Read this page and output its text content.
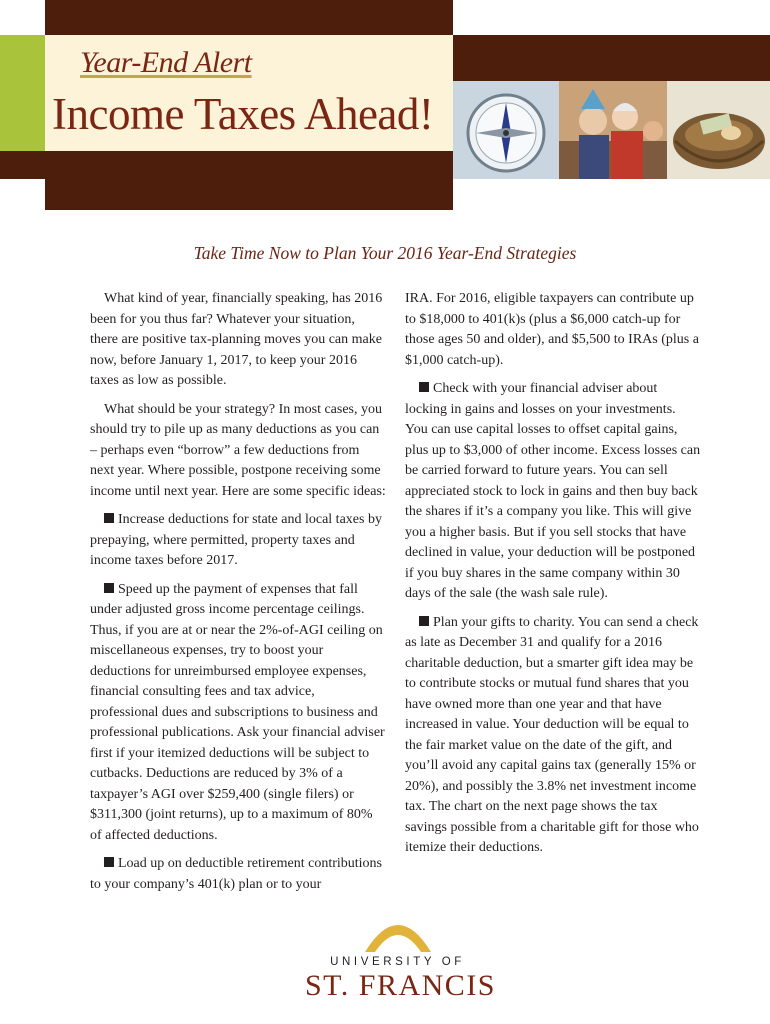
Year-End Alert
Income Taxes Ahead!
Take Time Now to Plan Your 2016 Year-End Strategies

What kind of year, financially speaking, has 2016 been for you thus far? Whatever your situation, there are positive tax-planning moves you can make now, before January 1, 2017, to keep your 2016 taxes as low as possible.

What should be your strategy? In most cases, you should try to pile up as many deductions as you can – perhaps even “borrow” a few deductions from next year. Where possible, postpone receiving some income until next year. Here are some specific ideas:

Increase deductions for state and local taxes by prepaying, where permitted, property taxes and income taxes before 2017.

Speed up the payment of expenses that fall under adjusted gross income percentage ceilings. Thus, if you are at or near the 2%-of-AGI ceiling on miscellaneous expenses, try to boost your deductions for unreimbursed employee expenses, financial consulting fees and tax advice, professional dues and subscriptions to business and professional publications. Ask your financial adviser first if your itemized deductions will be subject to cutbacks. Deductions are reduced by 3% of a taxpayer’s AGI over $259,400 (single filers) or $311,300 (joint returns), up to a maximum of 80% of affected deductions.

Load up on deductible retirement contributions to your company’s 401(k) plan or to your

IRA. For 2016, eligible taxpayers can contribute up to $18,000 to 401(k)s (plus a $6,000 catch-up for those ages 50 and older), and $5,500 to IRAs (plus a $1,000 catch-up).

Check with your financial adviser about locking in gains and losses on your investments. You can use capital losses to offset capital gains, plus up to $3,000 of other income. Excess losses can be carried forward to future years. You can sell appreciated stock to lock in gains and then buy back the shares if it’s a company you like. This will give you a higher basis. But if you sell stocks that have declined in value, your deduction will be postponed if you buy shares in the same company within 30 days of the sale (the wash sale rule).

Plan your gifts to charity. You can send a check as late as December 31 and qualify for a 2016 charitable deduction, but a smarter gift idea may be to contribute stocks or mutual fund shares that you have owned more than one year and that have increased in value. Your deduction will be equal to the fair market value on the date of the gift, and you’ll avoid any capital gains tax (generally 15% or 20%), and possibly the 3.8% net investment income tax. The chart on the next page shows the tax savings possible from a charitable gift for those who itemize their deductions.

UNIVERSITY OF
ST. FRANCIS
